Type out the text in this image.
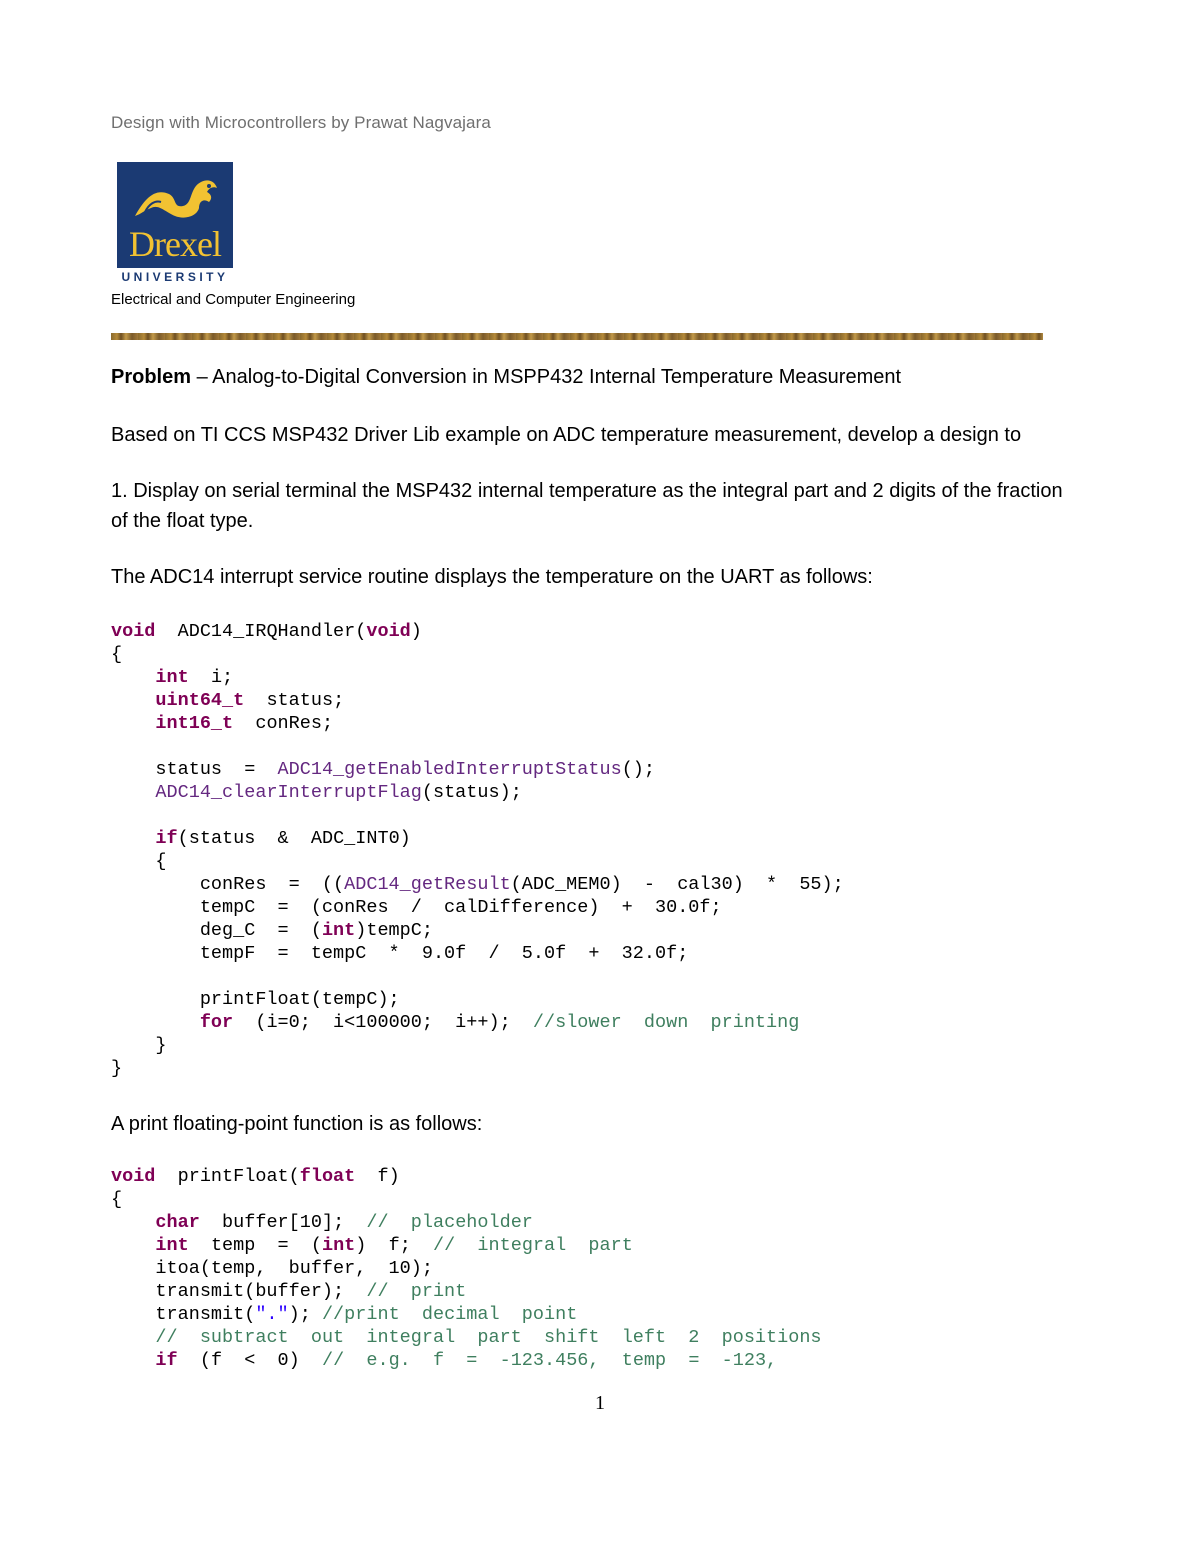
Design with Microcontrollers by Prawat Nagvajara
Drexel
UNIVERSITY
Electrical and Computer Engineering
Problem – Analog-to-Digital Conversion in MSPP432 Internal Temperature Measurement
Based on TI CCS MSP432 Driver Lib example on ADC temperature measurement, develop a design to
1. Display on serial terminal the MSP432 internal temperature as the integral part and 2 digits of the fraction of the float type.
The ADC14 interrupt service routine displays the temperature on the UART as follows:
void  ADC14_IRQHandler(void)
{
int  i;
uint64_t  status;
int16_t  conRes;

status  =  ADC14_getEnabledInterruptStatus();
ADC14_clearInterruptFlag(status);

if(status  &  ADC_INT0)
{
conRes  =  ((ADC14_getResult(ADC_MEM0)  -  cal30)  *  55);
tempC  =  (conRes  /  calDifference)  +  30.0f;
deg_C  =  (int)tempC;
tempF  =  tempC  *  9.0f  /  5.0f  +  32.0f;

printFloat(tempC);
for  (i=0;  i<100000;  i++);  //slower  down  printing
}
}
A print floating-point function is as follows:
void  printFloat(float  f)
{
char  buffer[10];  //  placeholder
int  temp  =  (int)  f;  //  integral  part
itoa(temp,  buffer,  10);
transmit(buffer);  //  print
transmit("."); //print  decimal  point
//  subtract  out  integral  part  shift  left  2  positions
if  (f  <  0)  //  e.g.  f  =  -123.456,  temp  =  -123,
1
